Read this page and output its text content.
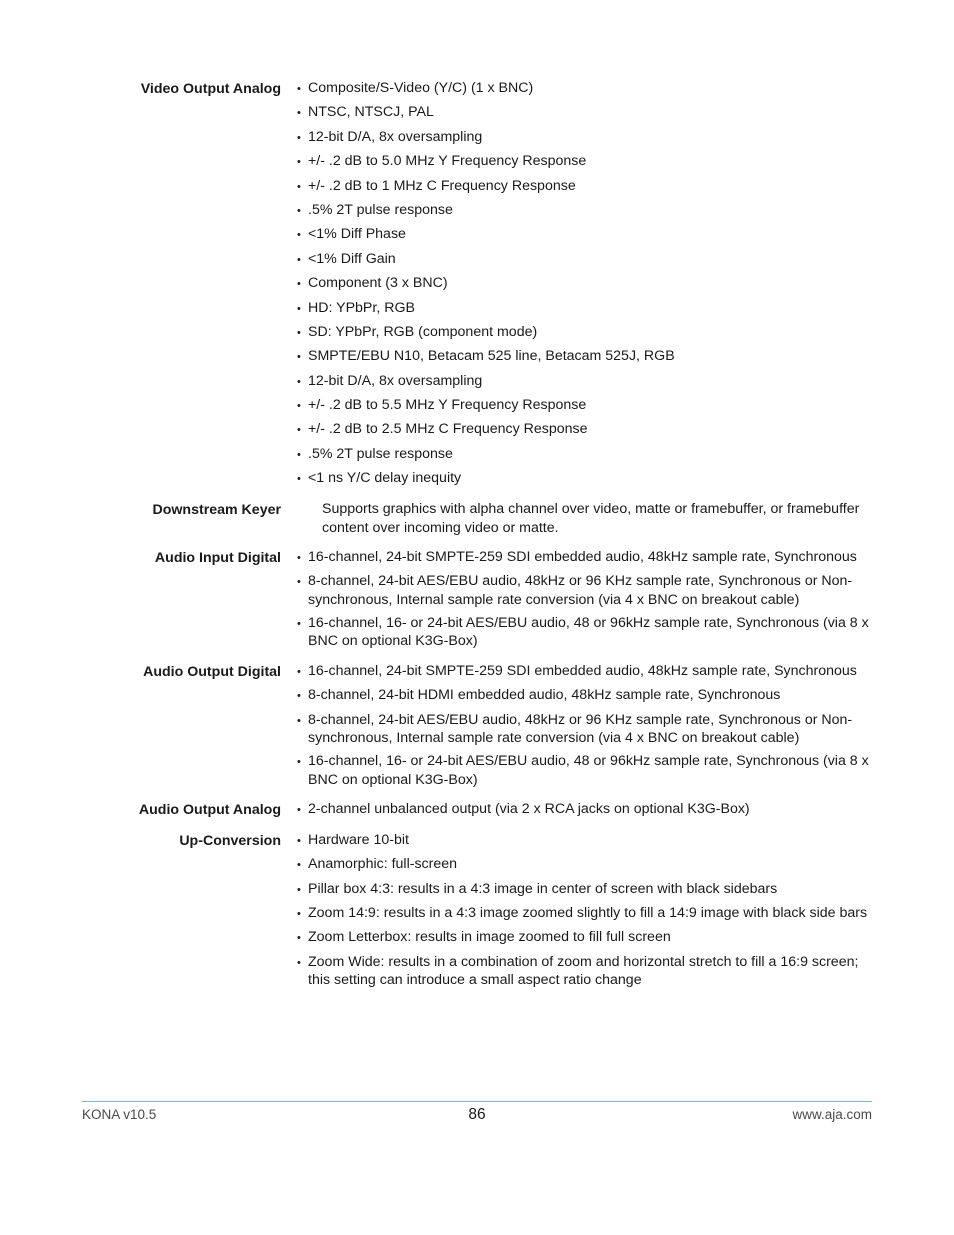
Video Output Analog • Composite/S-Video (Y/C) (1 x BNC)
• NTSC, NTSCJ, PAL
• 12-bit D/A, 8x oversampling
• +/- .2 dB to 5.0 MHz Y Frequency Response
• +/- .2 dB to 1 MHz C Frequency Response
• .5% 2T pulse response
• <1% Diff Phase
• <1% Diff Gain
• Component (3 x BNC)
• HD: YPbPr, RGB
• SD: YPbPr, RGB (component mode)
• SMPTE/EBU N10, Betacam 525 line, Betacam 525J, RGB
• 12-bit D/A, 8x oversampling
• +/- .2 dB to 5.5 MHz Y Frequency Response
• +/- .2 dB to 2.5 MHz C Frequency Response
• .5% 2T pulse response
• <1 ns Y/C delay inequity
Downstream Keyer	Supports graphics with alpha channel over video, matte or framebuffer, or framebuffer content over incoming video or matte.
Audio Input Digital • 16-channel, 24-bit SMPTE-259 SDI embedded audio, 48kHz sample rate, Synchronous
• 8-channel, 24-bit AES/EBU audio, 48kHz or 96 KHz sample rate, Synchronous or Non-synchronous, Internal sample rate conversion (via 4 x BNC on breakout cable)
• 16-channel, 16- or 24-bit AES/EBU audio, 48 or 96kHz sample rate, Synchronous (via 8 x BNC on optional K3G-Box)
Audio Output Digital • 16-channel, 24-bit SMPTE-259 SDI embedded audio, 48kHz sample rate, Synchronous
• 8-channel, 24-bit HDMI embedded audio, 48kHz sample rate, Synchronous
• 8-channel, 24-bit AES/EBU audio, 48kHz or 96 KHz sample rate, Synchronous or Non-synchronous, Internal sample rate conversion (via 4 x BNC on breakout cable)
• 16-channel, 16- or 24-bit AES/EBU audio, 48 or 96kHz sample rate, Synchronous (via 8 x BNC on optional K3G-Box)
Audio Output Analog • 2-channel unbalanced output (via 2 x RCA jacks on optional K3G-Box)
Up-Conversion • Hardware 10-bit
• Anamorphic: full-screen
• Pillar box 4:3: results in a 4:3 image in center of screen with black sidebars
• Zoom 14:9: results in a 4:3 image zoomed slightly to fill a 14:9 image with black side bars
• Zoom Letterbox: results in image zoomed to fill full screen
• Zoom Wide: results in a combination of zoom and horizontal stretch to fill a 16:9 screen; this setting can introduce a small aspect ratio change
KONA v10.5	86	www.aja.com
